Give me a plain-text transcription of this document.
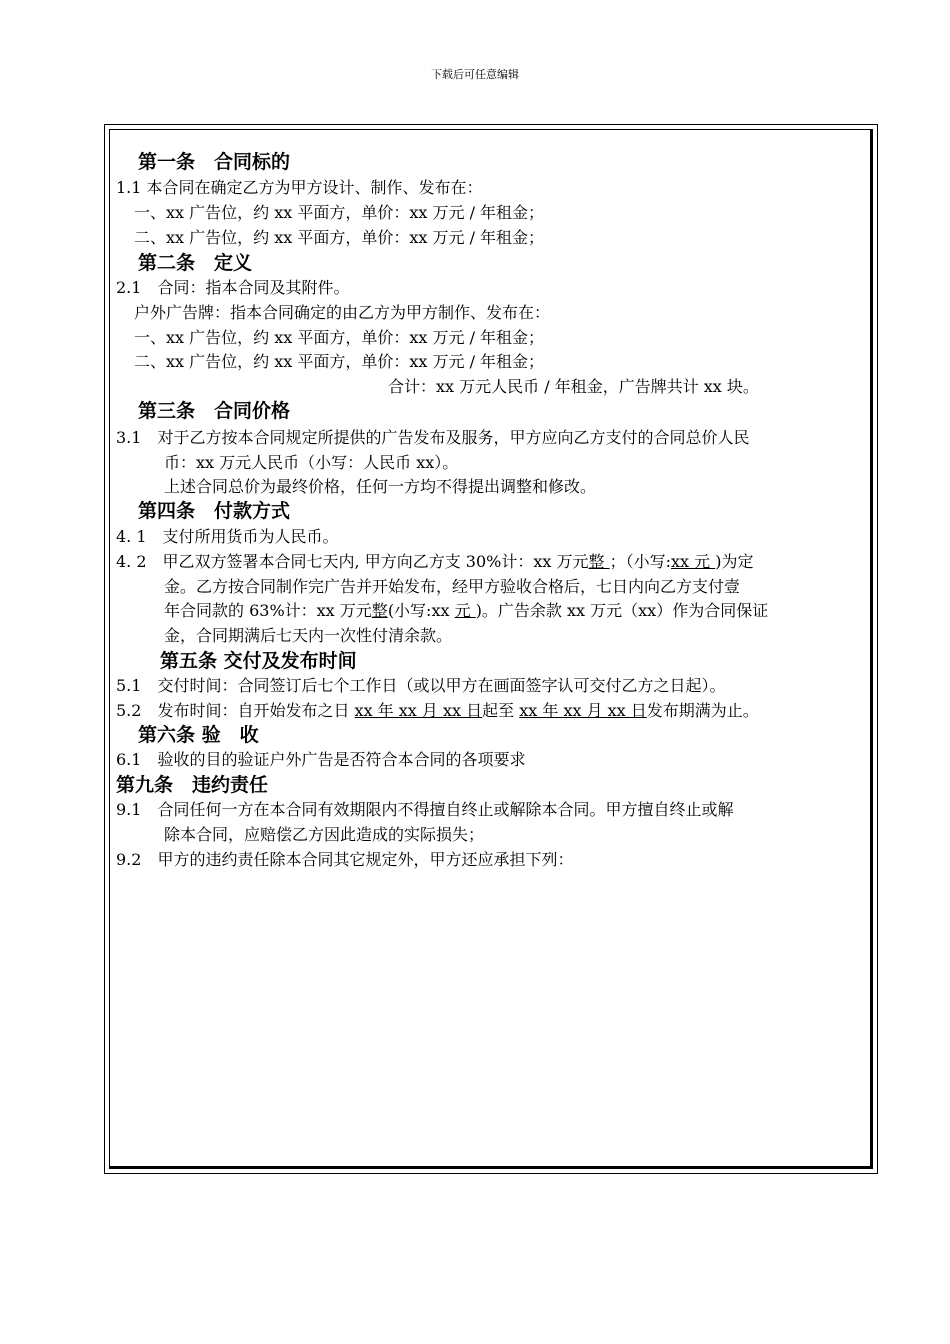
下载后可任意编辑
第一条　合同标的
1.1 本合同在确定乙方为甲方设计、制作、发布在：
一、xx 广告位，约 xx 平面方，单价：xx 万元 / 年租金；
二、xx 广告位，约 xx 平面方，单价：xx 万元 / 年租金；
第二条　定义
2.1　合同：指本合同及其附件。
户外广告牌：指本合同确定的由乙方为甲方制作、发布在：
一、xx 广告位，约 xx 平面方，单价：xx 万元 / 年租金；
二、xx 广告位，约 xx 平面方，单价：xx 万元 / 年租金；
合计：xx 万元人民币 / 年租金，广告牌共计 xx 块。
第三条　合同价格
3.1　对于乙方按本合同规定所提供的广告发布及服务，甲方应向乙方支付的合同总价人民
币：xx 万元人民币（小写：人民币 xx）。
上述合同总价为最终价格，任何一方均不得提出调整和修改。
第四条　付款方式
4. 1　支付所用货币为人民币。
4. 2　甲乙双方签署本合同七天内, 甲方向乙方支 30%计：xx 万元整 ；（小写:xx 元 )为定
金。乙方按合同制作完广告并开始发布，经甲方验收合格后，七日内向乙方支付壹
年合同款的 63%计：xx 万元整(小写:xx 元 )。广告余款 xx 万元（xx）作为合同保证
金，合同期满后七天内一次性付清余款。
第五条 交付及发布时间
5.1　交付时间：合同签订后七个工作日（或以甲方在画面签字认可交付乙方之日起）。
5.2　发布时间：自开始发布之日 xx 年 xx 月 xx 日起至 xx 年 xx 月 xx 日发布期满为止。
第六条 验　收
6.1　验收的目的验证户外广告是否符合本合同的各项要求
第九条　违约责任
9.1　合同任何一方在本合同有效期限内不得擅自终止或解除本合同。甲方擅自终止或解
除本合同，应赔偿乙方因此造成的实际损失；
9.2　甲方的违约责任除本合同其它规定外，甲方还应承担下列：
